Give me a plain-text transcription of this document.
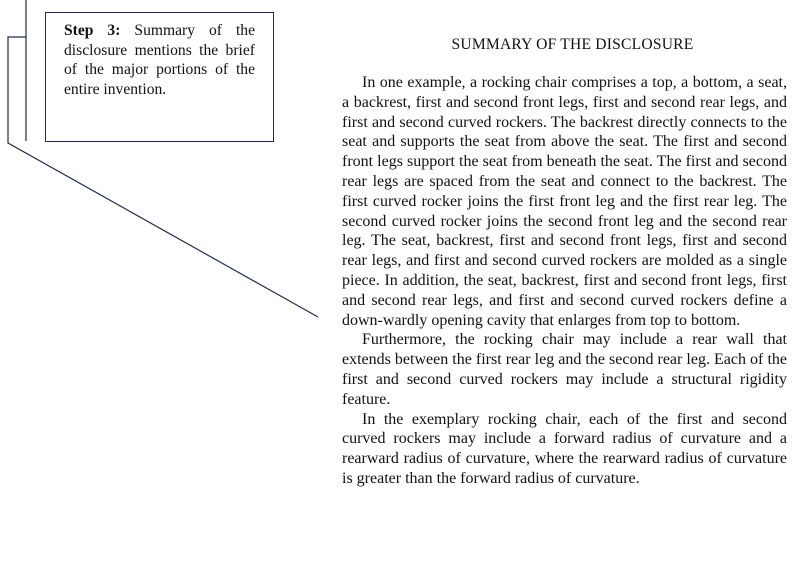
Step 3: Summary of the disclosure mentions the brief of the major portions of the entire invention.
SUMMARY OF THE DISCLOSURE

In one example, a rocking chair comprises a top, a bottom, a seat, a backrest, first and second front legs, first and second rear legs, and first and second curved rockers. The backrest directly connects to the seat and supports the seat from above the seat. The first and second front legs support the seat from beneath the seat. The first and second rear legs are spaced from the seat and connect to the backrest. The first curved rocker joins the first front leg and the first rear leg. The second curved rocker joins the second front leg and the second rear leg. The seat, backrest, first and second front legs, first and second rear legs, and first and second curved rockers are molded as a single piece. In addition, the seat, backrest, first and second front legs, first and second rear legs, and first and second curved rockers define a down-wardly opening cavity that enlarges from top to bottom.

Furthermore, the rocking chair may include a rear wall that extends between the first rear leg and the second rear leg. Each of the first and second curved rockers may include a structural rigidity feature.

In the exemplary rocking chair, each of the first and second curved rockers may include a forward radius of curvature and a rearward radius of curvature, where the rearward radius of curvature is greater than the forward radius of curvature.
